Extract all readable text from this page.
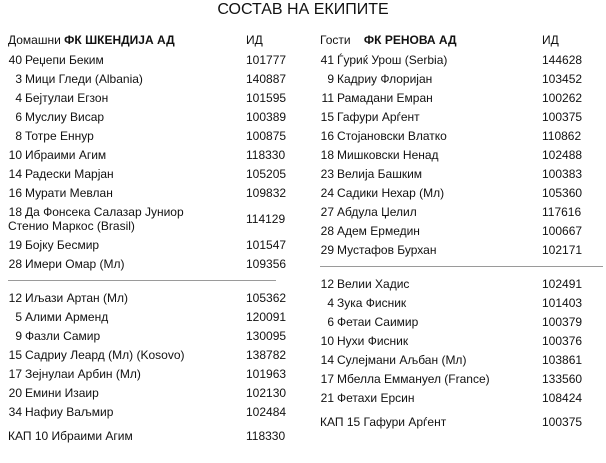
СОСТАВ НА ЕКИПИТЕ
Домашни ФК ШКЕНДИЈА АД	ИД
40 Реџепи Беким	101777
3 Мици Гледи (Albania)	140887
4 Бејтулаи Егзон	101595
6 Муслиу Висар	100389
8 Тотре Еннур	100875
10 Ибраими Агим	118330
14 Радески Марјан	105205
16 Мурати Мевлан	109832
18 Да Фонсека Салазар Јуниор
Стенио Маркос (Brasil)	114129
19 Бојку Бесмир	101547
28 Имери Омар (Мл)	109356
12 Иљази Артан (Мл)	105362
5 Алими Арменд	120091
9 Фазли Самир	130095
15 Садриу Леард (Мл) (Kosovo)	138782
17 Зејнулаи Арбин (Мл)	101963
20 Емини Изаир	102130
34 Нафиу Ваљмир	102484
КАП 10 Ибраими Агим	118330
Гости ФК РЕНОВА АД	ИД
41 Ѓуриќ Урош (Serbia)	144628
9 Кадриу Флоријан	103452
11 Рамадани Емран	100262
15 Гафури Арѓент	100375
16 Стојановски Влатко	110862
18 Мишковски Ненад	102488
23 Велија Башким	100383
24 Садики Нехар (Мл)	105360
27 Абдула Џелил	117616
28 Адем Ермедин	100667
29 Мустафов Бурхан	102171
12 Велии Хадис	102491
4 Зука Фисник	101403
6 Фетаи Саимир	100379
10 Нухи Фисник	100376
14 Сулејмани Аљбан (Мл)	103861
17 Мбелла Еммануел (France)	133560
21 Фетахи Ерсин	108424
КАП 15 Гафури Арѓент	100375
